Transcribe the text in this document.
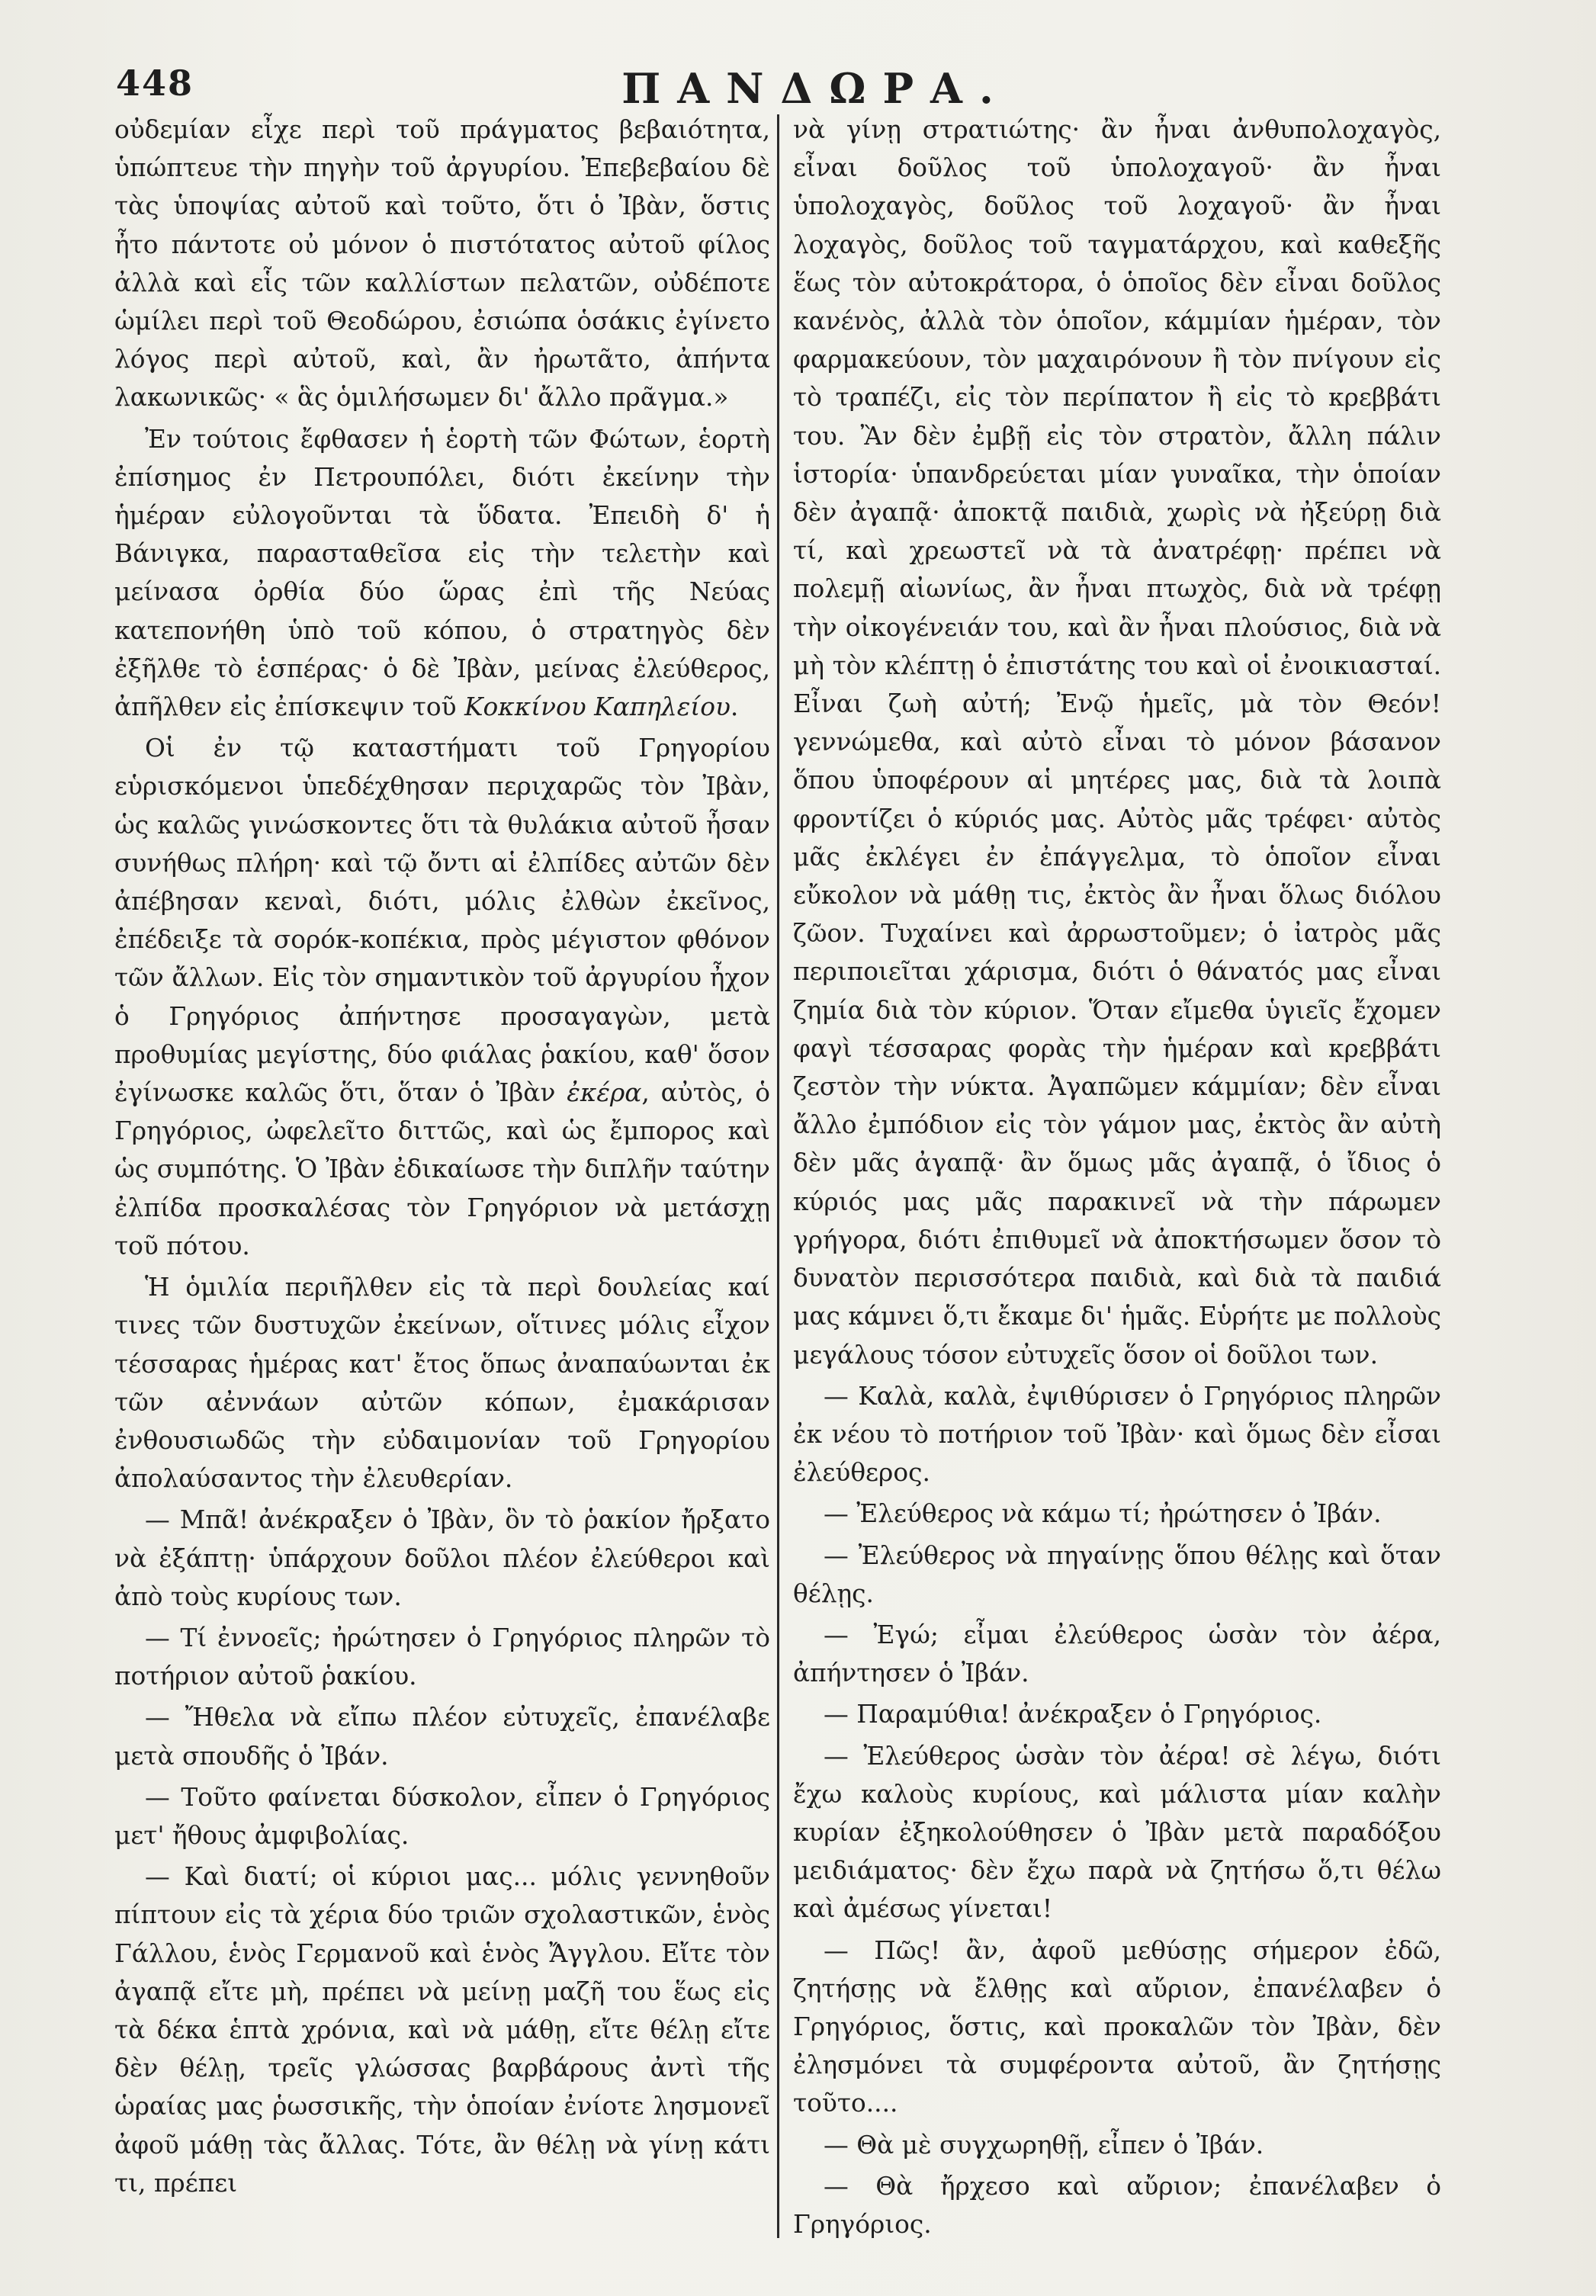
448	ΠΑΝΔΩΡΑ.

οὐδεμίαν εἶχε περὶ τοῦ πράγματος βεβαιότητα, ὑπώπτευε τὴν πηγὴν τοῦ ἀργυρίου. Ἐπεβεβαίου δὲ τὰς ὑποψίας αὐτοῦ καὶ τοῦτο, ὅτι ὁ Ἰβὰν, ὅστις ἦτο πάντοτε οὐ μόνον ὁ πιστότατος αὐτοῦ φίλος ἀλλὰ καὶ εἷς τῶν καλλίστων πελατῶν, οὐδέποτε ὡμίλει περὶ τοῦ Θεοδώρου, ἐσιώπα ὁσάκις ἐγίνετο λόγος περὶ αὐτοῦ, καὶ, ἂν ἠρωτᾶτο, ἀπήντα λακωνικῶς· « ἃς ὁμιλήσωμεν δι' ἄλλο πρᾶγμα.»

Ἐν τούτοις ἔφθασεν ἡ ἑορτὴ τῶν Φώτων, ἑορτὴ ἐπίσημος ἐν Πετρουπόλει, διότι ἐκείνην τὴν ἡμέραν εὐλογοῦνται τὰ ὕδατα. Ἐπειδὴ δ' ἡ Βάνιγκα, παρασταθεῖσα εἰς τὴν τελετὴν καὶ μείνασα ὀρθία δύο ὥρας ἐπὶ τῆς Νεύας κατεπονήθη ὑπὸ τοῦ κόπου, ὁ στρατηγὸς δὲν ἐξῆλθε τὸ ἑσπέρας· ὁ δὲ Ἰβὰν, μείνας ἐλεύθερος, ἀπῆλθεν εἰς ἐπίσκεψιν τοῦ Κοκκίνου Καπηλείου.

Οἱ ἐν τῷ καταστήματι τοῦ Γρηγορίου εὑρισκόμενοι ὑπεδέχθησαν περιχαρῶς τὸν Ἰβὰν, ὡς καλῶς γινώσκοντες ὅτι τὰ θυλάκια αὐτοῦ ἦσαν συνήθως πλήρη· καὶ τῷ ὄντι αἱ ἐλπίδες αὐτῶν δὲν ἀπέβησαν κεναὶ, διότι, μόλις ἐλθὼν ἐκεῖνος, ἐπέδειξε τὰ σορόκ-κοπέκια, πρὸς μέγιστον φθόνον τῶν ἄλλων. Εἰς τὸν σημαντικὸν τοῦ ἀργυρίου ἦχον ὁ Γρηγόριος ἀπήντησε προσαγαγὼν, μετὰ προθυμίας μεγίστης, δύο φιάλας ῥακίου, καθ' ὅσον ἐγίνωσκε καλῶς ὅτι, ὅταν ὁ Ἰβὰν ἐκέρα, αὐτὸς, ὁ Γρηγόριος, ὠφελεῖτο διττῶς, καὶ ὡς ἔμπορος καὶ ὡς συμπότης. Ὁ Ἰβὰν ἐδικαίωσε τὴν διπλῆν ταύτην ἐλπίδα προσκαλέσας τὸν Γρηγόριον νὰ μετάσχῃ τοῦ πότου.

Ἡ ὁμιλία περιῆλθεν εἰς τὰ περὶ δουλείας καί τινες τῶν δυστυχῶν ἐκείνων, οἵτινες μόλις εἶχον τέσσαρας ἡμέρας κατ' ἔτος ὅπως ἀναπαύωνται ἐκ τῶν αἐννάων αὐτῶν κόπων, ἐμακάρισαν ἐνθουσιωδῶς τὴν εὐδαιμονίαν τοῦ Γρηγορίου ἀπολαύσαντος τὴν ἐλευθερίαν.

— Μπᾶ! ἀνέκραξεν ὁ Ἰβὰν, ὃν τὸ ῥακίον ἤρξατο νὰ ἐξάπτῃ· ὑπάρχουν δοῦλοι πλέον ἐλεύθεροι καὶ ἀπὸ τοὺς κυρίους των.

— Τί ἐννοεῖς; ἠρώτησεν ὁ Γρηγόριος πληρῶν τὸ ποτήριον αὐτοῦ ῥακίου.

— Ἤθελα νὰ εἴπω πλέον εὐτυχεῖς, ἐπανέλαβε μετὰ σπουδῆς ὁ Ἰβάν.

— Τοῦτο φαίνεται δύσκολον, εἶπεν ὁ Γρηγόριος μετ' ἤθους ἀμφιβολίας.

— Καὶ διατί; οἱ κύριοι μας... μόλις γεννηθοῦν πίπτουν εἰς τὰ χέρια δύο τριῶν σχολαστικῶν, ἑνὸς Γάλλου, ἑνὸς Γερμανοῦ καὶ ἑνὸς Ἄγγλου. Εἴτε τὸν ἀγαπᾷ εἴτε μὴ, πρέπει νὰ μείνῃ μαζῆ του ἕως εἰς τὰ δέκα ἑπτὰ χρόνια, καὶ νὰ μάθῃ, εἴτε θέλῃ εἴτε δὲν θέλῃ, τρεῖς γλώσσας βαρβάρους ἀντὶ τῆς ὡραίας μας ῥωσσικῆς, τὴν ὁποίαν ἐνίοτε λησμονεῖ ἀφοῦ μάθῃ τὰς ἄλλας. Τότε, ἂν θέλῃ νὰ γίνῃ κάτι τι, πρέπει

νὰ γίνῃ στρατιώτης· ἂν ἦναι ἀνθυπολοχαγὸς, εἶναι δοῦλος τοῦ ὑπολοχαγοῦ· ἂν ἦναι ὑπολοχαγὸς, δοῦλος τοῦ λοχαγοῦ· ἂν ἦναι λοχαγὸς, δοῦλος τοῦ ταγματάρχου, καὶ καθεξῆς ἕως τὸν αὐτοκράτορα, ὁ ὁποῖος δὲν εἶναι δοῦλος κανένὸς, ἀλλὰ τὸν ὁποῖον, κάμμίαν ἡμέραν, τὸν φαρμακεύουν, τὸν μαχαιρόνουν ἢ τὸν πνίγουν εἰς τὸ τραπέζι, εἰς τὸν περίπατον ἢ εἰς τὸ κρεββάτι του. Ἂν δὲν ἐμβῇ εἰς τὸν στρατὸν, ἄλλη πάλιν ἱστορία· ὑπανδρεύεται μίαν γυναῖκα, τὴν ὁποίαν δὲν ἀγαπᾷ· ἀποκτᾷ παιδιὰ, χωρὶς νὰ ἠξεύρῃ διὰ τί, καὶ χρεωστεῖ νὰ τὰ ἀνατρέφῃ· πρέπει νὰ πολεμῇ αἰωνίως, ἂν ἦναι πτωχὸς, διὰ νὰ τρέφῃ τὴν οἰκογένειάν του, καὶ ἂν ἦναι πλούσιος, διὰ νὰ μὴ τὸν κλέπτῃ ὁ ἐπιστάτης του καὶ οἱ ἐνοικιασταί. Εἶναι ζωὴ αὐτή; Ἐνῷ ἡμεῖς, μὰ τὸν Θεόν! γεννώμεθα, καὶ αὐτὸ εἶναι τὸ μόνον βάσανον ὅπου ὑποφέρουν αἱ μητέρες μας, διὰ τὰ λοιπὰ φροντίζει ὁ κύριός μας. Αὐτὸς μᾶς τρέφει· αὐτὸς μᾶς ἐκλέγει ἐν ἐπάγγελμα, τὸ ὁποῖον εἶναι εὔκολον νὰ μάθῃ τις, ἐκτὸς ἂν ἦναι ὅλως διόλου ζῶον. Τυχαίνει καὶ ἀρρωστοῦμεν; ὁ ἰατρὸς μᾶς περιποιεῖται χάρισμα, διότι ὁ θάνατός μας εἶναι ζημία διὰ τὸν κύριον. Ὅταν εἴμεθα ὑγιεῖς ἔχομεν φαγὶ τέσσαρας φορὰς τὴν ἡμέραν καὶ κρεββάτι ζεστὸν τὴν νύκτα. Ἀγαπῶμεν κάμμίαν; δὲν εἶναι ἄλλο ἐμπόδιον εἰς τὸν γάμον μας, ἐκτὸς ἂν αὐτὴ δὲν μᾶς ἀγαπᾷ· ἂν ὅμως μᾶς ἀγαπᾷ, ὁ ἴδιος ὁ κύριός μας μᾶς παρακινεῖ νὰ τὴν πάρωμεν γρήγορα, διότι ἐπιθυμεῖ νὰ ἀποκτήσωμεν ὅσον τὸ δυνατὸν περισσότερα παιδιὰ, καὶ διὰ τὰ παιδιά μας κάμνει ὅ,τι ἔκαμε δι' ἡμᾶς. Εὑρήτε με πολλοὺς μεγάλους τόσον εὐτυχεῖς ὅσον οἱ δοῦλοι των.

— Καλὰ, καλὰ, ἐψιθύρισεν ὁ Γρηγόριος πληρῶν ἐκ νέου τὸ ποτήριον τοῦ Ἰβὰν· καὶ ὅμως δὲν εἶσαι ἐλεύθερος.

— Ἐλεύθερος νὰ κάμω τί; ἠρώτησεν ὁ Ἰβάν.

— Ἐλεύθερος νὰ πηγαίνῃς ὅπου θέλῃς καὶ ὅταν θέλῃς.

— Ἐγώ; εἶμαι ἐλεύθερος ὡσὰν τὸν ἀέρα, ἀπήντησεν ὁ Ἰβάν.

— Παραμύθια! ἀνέκραξεν ὁ Γρηγόριος.

— Ἐλεύθερος ὡσὰν τὸν ἀέρα! σὲ λέγω, διότι ἔχω καλοὺς κυρίους, καὶ μάλιστα μίαν καλὴν κυρίαν ἐξηκολούθησεν ὁ Ἰβὰν μετὰ παραδόξου μειδιάματος· δὲν ἔχω παρὰ νὰ ζητήσω ὅ,τι θέλω καὶ ἀμέσως γίνεται!

— Πῶς! ἂν, ἀφοῦ μεθύσῃς σήμερον ἐδῶ, ζητήσῃς νὰ ἔλθῃς καὶ αὔριον, ἐπανέλαβεν ὁ Γρηγόριος, ὅστις, καὶ προκαλῶν τὸν Ἰβὰν, δὲν ἐλησμόνει τὰ συμφέροντα αὐτοῦ, ἂν ζητήσῃς τοῦτο....

— Θὰ μὲ συγχωρηθῇ, εἶπεν ὁ Ἰβάν.

— Θὰ ἤρχεσο καὶ αὔριον; ἐπανέλαβεν ὁ Γρηγόριος.
